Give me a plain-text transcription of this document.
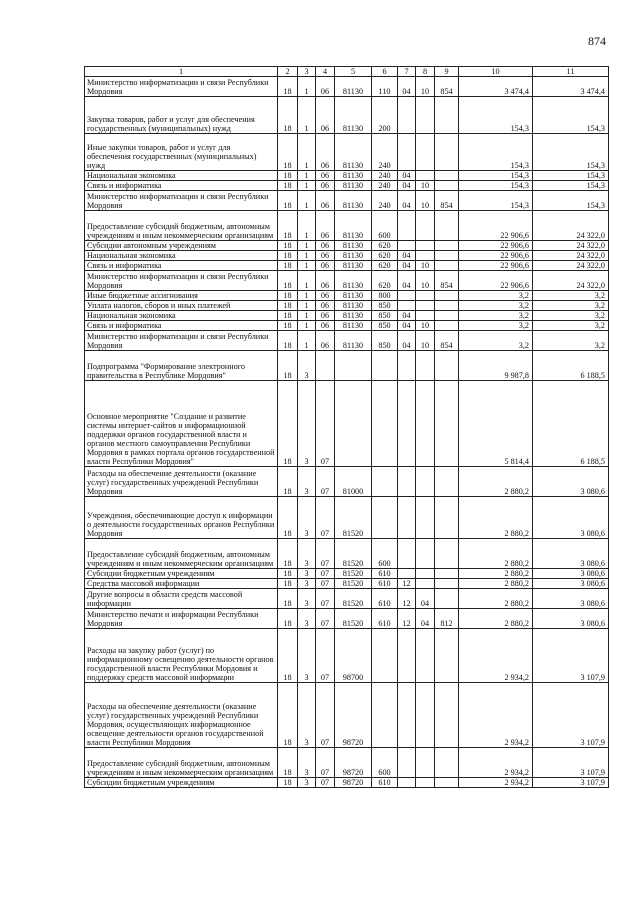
874
1	2	3	4	5	6	7	8	9	10	11
Министерство информатизации и связи Республики Мордовия	18	1	06	81130	110	04	10	854	3 474,4	3 474,4
Закупка товаров, работ и услуг для обеспечения государственных (муниципальных) нужд	18	1	06	81130	200				154,3	154,3
Иные закупки товаров, работ и услуг для обеспечения государственных (муниципальных) нужд	18	1	06	81130	240				154,3	154,3
Национальная экономика	18	1	06	81130	240	04			154,3	154,3
Связь и информатика	18	1	06	81130	240	04	10		154,3	154,3
Министерство информатизации и связи Республики Мордовия	18	1	06	81130	240	04	10	854	154,3	154,3
Предоставление субсидий бюджетным, автономным учреждениям и иным некоммерческим организациям	18	1	06	81130	600				22 906,6	24 322,0
Субсидии автономным учреждениям	18	1	06	81130	620				22 906,6	24 322,0
Национальная экономика	18	1	06	81130	620	04			22 906,6	24 322,0
Связь и информатика	18	1	06	81130	620	04	10		22 906,6	24 322,0
Министерство информатизации и связи Республики Мордовия	18	1	06	81130	620	04	10	854	22 906,6	24 322,0
Иные бюджетные ассигнования	18	1	06	81130	800				3,2	3,2
Уплата налогов, сборов и иных платежей	18	1	06	81130	850				3,2	3,2
Национальная экономика	18	1	06	81130	850	04			3,2	3,2
Связь и информатика	18	1	06	81130	850	04	10		3,2	3,2
Министерство информатизации и связи Республики Мордовия	18	1	06	81130	850	04	10	854	3,2	3,2
Подпрограмма "Формирование электронного правительства в Республике Мордовия"	18	3							9 987,8	6 188,5
Основное мероприятие "Создание и развитие системы интернет-сайтов и информационной поддержки органов государственной власти и органов местного самоуправления Республики Мордовия в рамках портала органов государственной власти Республики Мордовия"	18	3	07						5 814,4	6 188,5
Расходы на обеспечение деятельности (оказание услуг) государственных учреждений Республики Мордовия	18	3	07	81000					2 880,2	3 080,6
Учреждения, обеспечивающие доступ к информации о деятельности государственных органов Республики Мордовия	18	3	07	81520					2 880,2	3 080,6
Предоставление субсидий бюджетным, автономным учреждениям и иным некоммерческим организациям	18	3	07	81520	600				2 880,2	3 080,6
Субсидии бюджетным учреждениям	18	3	07	81520	610				2 880,2	3 080,6
Средства массовой информации	18	3	07	81520	610	12			2 880,2	3 080,6
Другие вопросы в области средств массовой информации	18	3	07	81520	610	12	04		2 880,2	3 080,6
Министерство печати и информации Республики Мордовия	18	3	07	81520	610	12	04	812	2 880,2	3 080,6
Расходы на закупку работ (услуг) по информационному освещению деятельности органов государственной власти Республики Мордовия и поддержку средств массовой информации	18	3	07	98700					2 934,2	3 107,9
Расходы на обеспечение деятельности (оказание услуг) государственных учреждений Республики Мордовия, осуществляющих информационное освещение деятельности органов государственной власти Республики Мордовия	18	3	07	98720					2 934,2	3 107,9
Предоставление субсидий бюджетным, автономным учреждениям и иным некоммерческим организациям	18	3	07	98720	600				2 934,2	3 107,9
Субсидии бюджетным учреждениям	18	3	07	98720	610				2 934,2	3 107,9
